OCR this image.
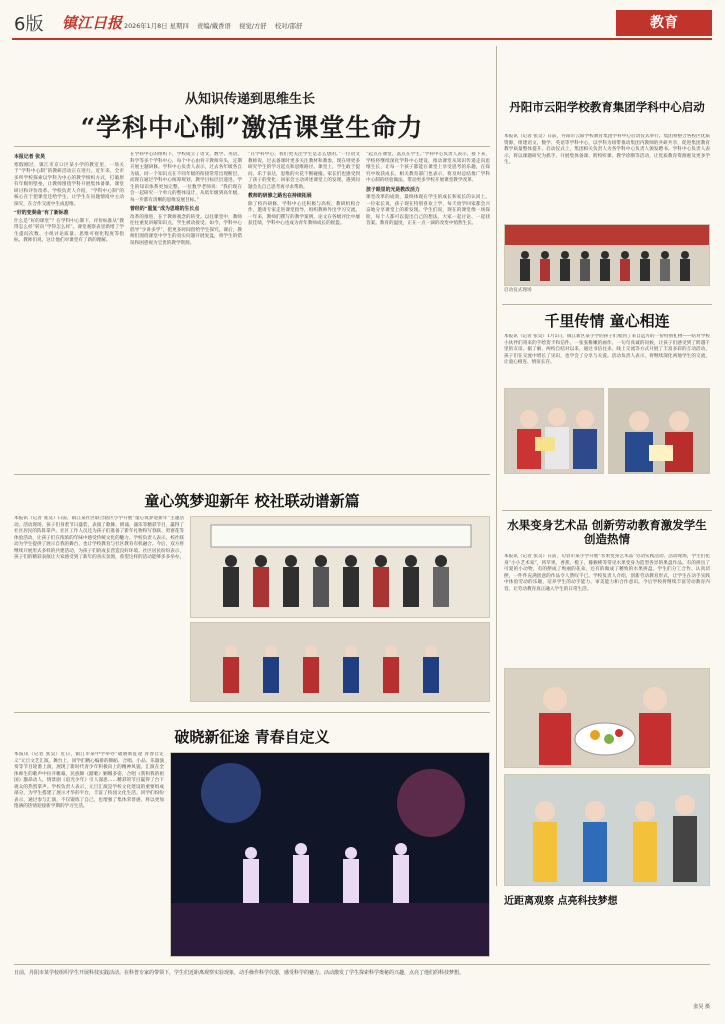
6版 镇江日报 2026年1月8日 星期四 责编/戴香语 视觉/方舒 校对/邵舒	教育
从知识传递到思维生长
“学科中心制”激活课堂生命力
本报记者 张昊
寒假刚过，镇江市京口区某小学的教室里，一场关于“学科中心制”的教研活动正在进行。近年来，全市多所学校探索以学科为中心的教学组织方式，打破原有年级组壁垒，让教师围绕学科开展集体备课、课堂研讨和评价改革。学校负责人介绍，“学科中心制”的核心在于把课堂还给学生，让学生在问题情境中主动探究，在合作交流中生成思维。
“好的变奏曲”有了新标准
什么是“好的课堂”？在学科中心制下，评价标准从“教得怎么样”转向“学得怎么样”。课堂观察表里新增了学生提问次数、小组讨论质量、思维可视化程度等指标，教师们说，这让他们对课堂有了新的理解。
在学科中心的组织下，学校成立了语文、数学、英语、科学等多个学科中心，每个中心由骨干教师牵头，定期开展主题研修。学科中心负责人表示，过去各年级各自为战，同一个知识点在不同年级的衔接常常出现断层，而现在通过学科中心统筹规划，教学目标层层递进，学生的知识体系更加完整。一位数学老师说：“我们现在会一起研究一个单元的整体设计，从低年级到高年级，每一步都有清晰的思维发展目标。”
曾经的“重复”成为思维的生长点
改革的推进，在于教师观念的转变。以往课堂中，教师往往重复讲解知识点，学生被动接受。如今，学科中心倡导“少讲多学”，把更多时间留给学生探究。课后，教师们围绕课堂中学生的真实问题开展复盘，将学生的错误和困惑视为宝贵的教学资源。
“在学科中心，我们更关注学生是怎么想的。”一位语文教师说，过去备课时更多关注教材和教参，现在则更多研究学生的学习起点和思维路径。课堂上，学生敢于提问、乐于表达，思维的火花不断碰撞。家长们也感受到了孩子的变化：回家会主动讲述课堂上的发现，遇到问题会先自己思考再寻求帮助。
教师的研修之路也在持续拓展
除了校内研修，学科中心还积极与高校、教研机构合作，邀请专家走进课堂指导，组织教师外出学习交流。一年来，教师们撰写的教学案例、论文在各级评比中屡获佳绩，学科中心也成为青年教师成长的摇篮。
“起点在课堂，落点在学生。”学科中心负责人表示，接下来，学校将继续深化学科中心建设，推动课堂从知识传递走向思维生长，让每一个孩子都能在课堂上享受思考的乐趣，在探究中收获成长。相关教育部门也表示，将及时总结推广学科中心制的经验做法，带动更多学校开展课堂教学改革。
孩子眼里的光是教改活力
课堂改革的成效，最终体现在学生的成长和家长的认同上。一位家长说，孩子现在特别喜欢上学，每天放学回家都会兴奋地分享课堂上的新发现。学生们说，现在的课堂像一场探险，每个人都可以提出自己的想法，大家一起讨论、一起找答案。教育的温度，正在一点一滴的改变中悄然生长。
丹阳市云阳学校教育集团学科中心启动
本报讯（记者 张昊）日前，丹阳市云阳学校教育集团学科中心启动仪式举行。集团将整合各校区优质资源，组建语文、数学、英语等学科中心，以学科为纽带推动集团内教师的共研共享，促进集团教育教学质量整体提升。启动仪式上，集团相关负责人为各学科中心负责人颁发聘书。学科中心负责人表示，将以课题研究为抓手，开展集体备课、跨校听课、教学诊断等活动，让优质教育资源惠及更多学生。
启动仪式现场
千里传情 童心相连
本报讯（记者 张昊）1月5日，镇江新区某小学的孩子们收到了来自远方的一份特别礼物——结对学校小伙伴们寄来的手绘贺卡和信件。一张张稚嫩的画作、一句句真诚的问候，让孩子们感受到了跨越千里的友谊。据了解，两校自结对以来，通过书信往来、线上交流等方式开展了丰富多彩的互动活动，孩子们在交流中增长了见识，也学会了分享与关爱。活动负责人表示，将继续深化两地学生的交流，让童心相连、情谊长存。
童心筑梦迎新年 校社联动谱新篇
本报讯（记者 张昊）日前，镇江某社区联合辖区小学开展“童心筑梦迎新年”主题活动。活动现场，孩子们身着节日盛装，表演了歌舞、朗诵、器乐等精彩节目，赢得了社区居民的阵阵掌声。社区工作人员还为孩子们准备了新年礼物和写春联、剪窗花等体验活动，让孩子们在浓浓的年味中感受传统文化的魅力。学校负责人表示，校社联动为学生提供了展示自我的舞台，也让学校教育与社区教育有机融合。今后，双方将继续开展形式多样的共建活动，为孩子们的成长营造良好环境。社区居民纷纷表示，孩子们的精彩表演让大家感受到了新年的喜庆氛围，希望这样的活动能够多多举办。
破晓新征途 青春自定义
本报讯（记者 张昊）近日，镇江市某中学举办“破晓新征途 青春自定义”元旦文艺汇演。舞台上，同学们精心编排的舞蹈、合唱、小品、乐器演奏等节目轮番上演，展现了新时代青少年积极向上的精神风貌。汇演在全体师生的歌声中拉开帷幕，民族舞《踏歌》婀娜多姿，合唱《我和我的祖国》激昂动人，情景剧《追光少年》引人深思……精彩的节目赢得了台下观众的热烈掌声。学校负责人表示，元旦汇演是学校文化建设的重要组成部分，为学生搭建了展示才华的平台，丰富了校园文化生活。同学们纷纷表示，通过参与汇演，不仅锻炼了自己，也增强了集体荣誉感，将以更加饱满的热情迎接新学期的学习生活。
水果变身艺术品 创新劳动教育激发学生创造热情
本报讯（记者 张昊）日前，句容市某小学开展“水果变身艺术品”劳动实践活动。活动现场，学生们化身“小小艺术家”，将苹果、香蕉、橙子、猕猴桃等常见水果变身为造型各异的果盘作品。有的拼出了可爱的小动物，有的摆成了绚丽的花朵，还有的做成了精致的水果拼盘。学生们分工合作、认真切摆，一件件充满创意的作品令人赞叹不已。学校负责人介绍，创新劳动教育形式，让学生在动手实践中体验劳动的乐趣，培养学生的动手能力、审美能力和合作意识。今后学校将继续丰富劳动教育内容，让劳动教育真正融入学生的日常生活。
近距离观察 点亮科技梦想
日前，丹阳市某学校组织学生开展科技实践活动。在科普专家的带领下，学生们近距离观察实验现象，动手操作科学仪器，感受科学的魅力。活动激发了学生探索科学奥秘的兴趣，点亮了他们的科技梦想。
张昊 摄
